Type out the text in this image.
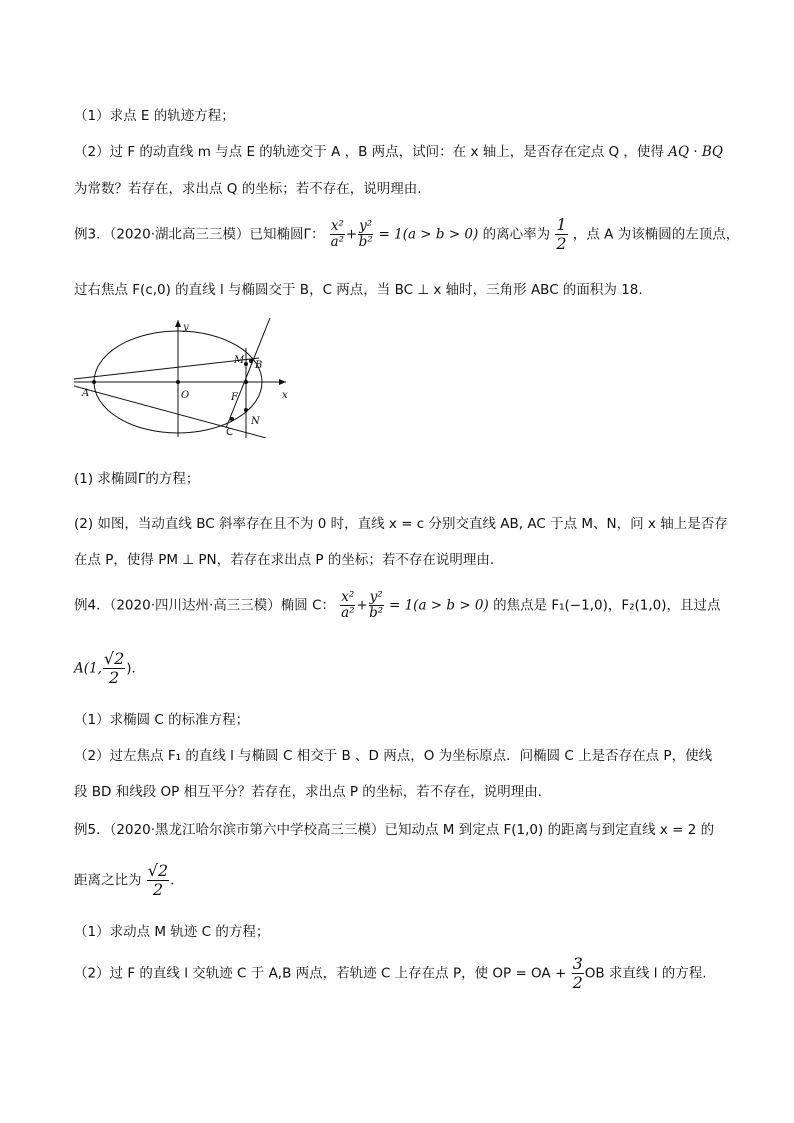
（1）求点 E 的轨迹方程；
（2）过 F 的动直线 m 与点 E 的轨迹交于 A ，B 两点，试问：在 x 轴上，是否存在定点 Q ，使得 AQ · BQ
为常数？若存在，求出点 Q 的坐标；若不存在，说明理由.
例3．（2020·湖北高三三模）已知椭圆Γ： $\frac{\text{x²}}{\text{a²}} + \frac{\text{y²}}{\text{b²}} = 1(a > b > 0)$ 的离心率为 $\frac{1}{2}$ ，点 A 为该椭圆的左顶点，
过右焦点 F(c,0) 的直线 l 与椭圆交于 B，C 两点，当 BC ⊥ x 轴时，三角形 ABC 的面积为 18.
y
M B
A	O	F	x
N
C
(1) 求椭圆Γ的方程；
(2) 如图，当动直线 BC 斜率存在且不为 0 时，直线 x = c 分别交直线 AB, AC 于点 M、N，问 x 轴上是否存
在点 P，使得 PM ⊥ PN，若存在求出点 P 的坐标；若不存在说明理由.
例4．（2020·四川达州·高三三模）椭圆 C： $\frac{\text{x²}}{\text{a²}} + \frac{\text{y²}}{\text{b²}} = 1(a > b > 0)$ 的焦点是 F₁(−1,0)，F₂(1,0)，且过点
A(1, $\frac{√2}{2}$ )．
（1）求椭圆 C 的标准方程；
（2）过左焦点 F₁ 的直线 l 与椭圆 C 相交于 B 、D 两点，O 为坐标原点．问椭圆 C 上是否存在点 P，使线
段 BD 和线段 OP 相互平分？若存在，求出点 P 的坐标，若不存在，说明理由．
例5．（2020·黑龙江哈尔滨市第六中学校高三三模）已知动点 M 到定点 F(1,0) 的距离与到定直线 x = 2 的
距离之比为 $\frac{√2}{2}$ .
（1）求动点 M 轨迹 C 的方程；
（2）过 F 的直线 l 交轨迹 C 于 A,B 两点，若轨迹 C 上存在点 P，使 OP = OA + $\frac{3}{2}$ OB 求直线 l 的方程.
